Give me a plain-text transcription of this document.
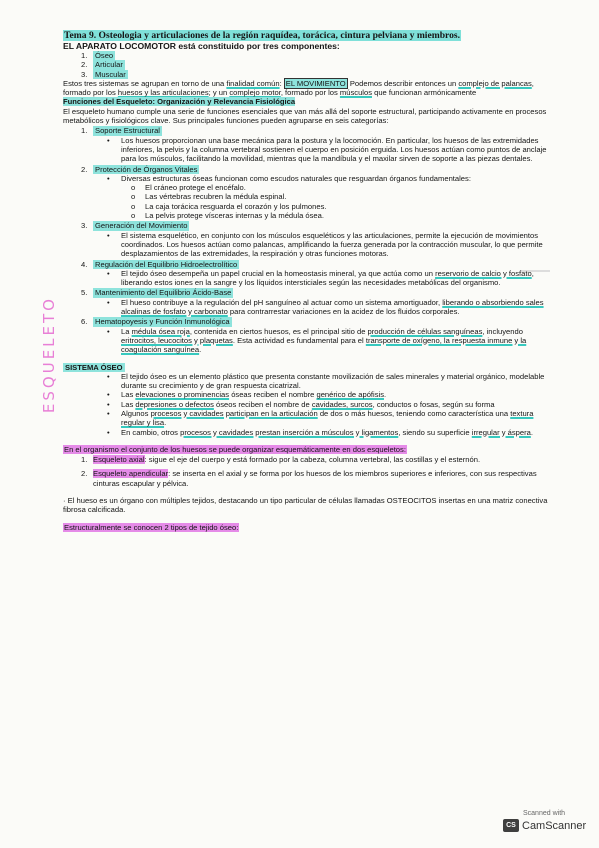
ESQUELETO
Tema 9. Osteologia y articulaciones de la región raquídea, torácica, cintura pelviana y miembros.
EL APARATO LOCOMOTOR está constituido por tres componentes:
1.	Óseo
2.	Articular
3.	Muscular

Estos tres sistemas se agrupan en torno de una finalidad común: EL MOVIMIENTO Podemos describir entonces un complejo de palancas, formado por los huesos y las articulaciones; y un complejo motor, formado por los músculos que funcionan armónicamente

Funciones del Esqueleto: Organización y Relevancia Fisiológica

El esqueleto humano cumple una serie de funciones esenciales que van más allá del soporte estructural, participando activamente en procesos metabólicos y fisiológicos clave. Sus principales funciones pueden agruparse en seis categorías:

1.	Soporte Estructural
•	Los huesos proporcionan una base mecánica para la postura y la locomoción. En particular, los huesos de las extremidades inferiores, la pelvis y la columna vertebral sostienen el cuerpo en posición erguida. Los huesos actúan como puntos de anclaje para los músculos, facilitando la movilidad, mientras que la mandíbula y el maxilar sirven de soporte a las piezas dentales.
2.	Protección de Órganos Vitales
•	Diversas estructuras óseas funcionan como escudos naturales que resguardan órganos fundamentales:
o	El cráneo protege el encéfalo.
o	Las vértebras recubren la médula espinal.
o	La caja torácica resguarda el corazón y los pulmones.
o	La pelvis protege vísceras internas y la médula ósea.
3.	Generación del Movimiento
•	El sistema esquelético, en conjunto con los músculos esqueléticos y las articulaciones, permite la ejecución de movimientos coordinados. Los huesos actúan como palancas, amplificando la fuerza generada por la contracción muscular, lo que permite desplazamientos de las extremidades, la respiración y otras funciones motoras.
4.	Regulación del Equilibrio Hidroelectrolítico
•	El tejido óseo desempeña un papel crucial en la homeostasis mineral, ya que actúa como un reservorio de calcio y fosfato, liberando estos iones en la sangre y los líquidos intersticiales según las necesidades metabólicas del organismo.
5.	Mantenimiento del Equilibrio Ácido-Base
•	El hueso contribuye a la regulación del pH sanguíneo al actuar como un sistema amortiguador, liberando o absorbiendo sales alcalinas de fosfato y carbonato para contrarrestar variaciones en la acidez de los fluidos corporales.
6.	Hematopoyesis y Función Inmunológica
•	La médula ósea roja, contenida en ciertos huesos, es el principal sitio de producción de células sanguíneas, incluyendo eritrocitos, leucocitos y plaquetas. Esta actividad es fundamental para el transporte de oxígeno, la respuesta inmune y la coagulación sanguínea.
SISTEMA ÓSEO
•	El tejido óseo es un elemento plástico que presenta constante movilización de sales minerales y material orgánico, modelable durante su crecimiento y de gran respuesta cicatrizal.
•	Las elevaciones o prominencias óseas reciben el nombre genérico de apófisis.
•	Las depresiones o defectos óseos reciben el nombre de cavidades, surcos, conductos o fosas, según su forma
•	Algunos procesos y cavidades participan en la articulación de dos o más huesos, teniendo como característica una textura regular y lisa.
•	En cambio, otros procesos y cavidades prestan inserción a músculos y ligamentos, siendo su superficie irregular y áspera.
En el organismo el conjunto de los huesos se puede organizar esquemáticamente en dos esqueletos:
1. Esqueleto axial: sigue el eje del cuerpo y está formado por la cabeza, columna vertebral, las costillas y el esternón.
2. Esqueleto apendicular: se inserta en el axial y se forma por los huesos de los miembros superiores e inferiores, con sus respectivas cinturas escapular y pélvica.

· El hueso es un órgano con múltiples tejidos, destacando un tipo particular de células llamadas OSTEOCITOS insertas en una matriz conectiva fibrosa calcificada.

Estructuralmente se conocen 2 tipos de tejido óseo:
Scanned with
CS CamScanner
